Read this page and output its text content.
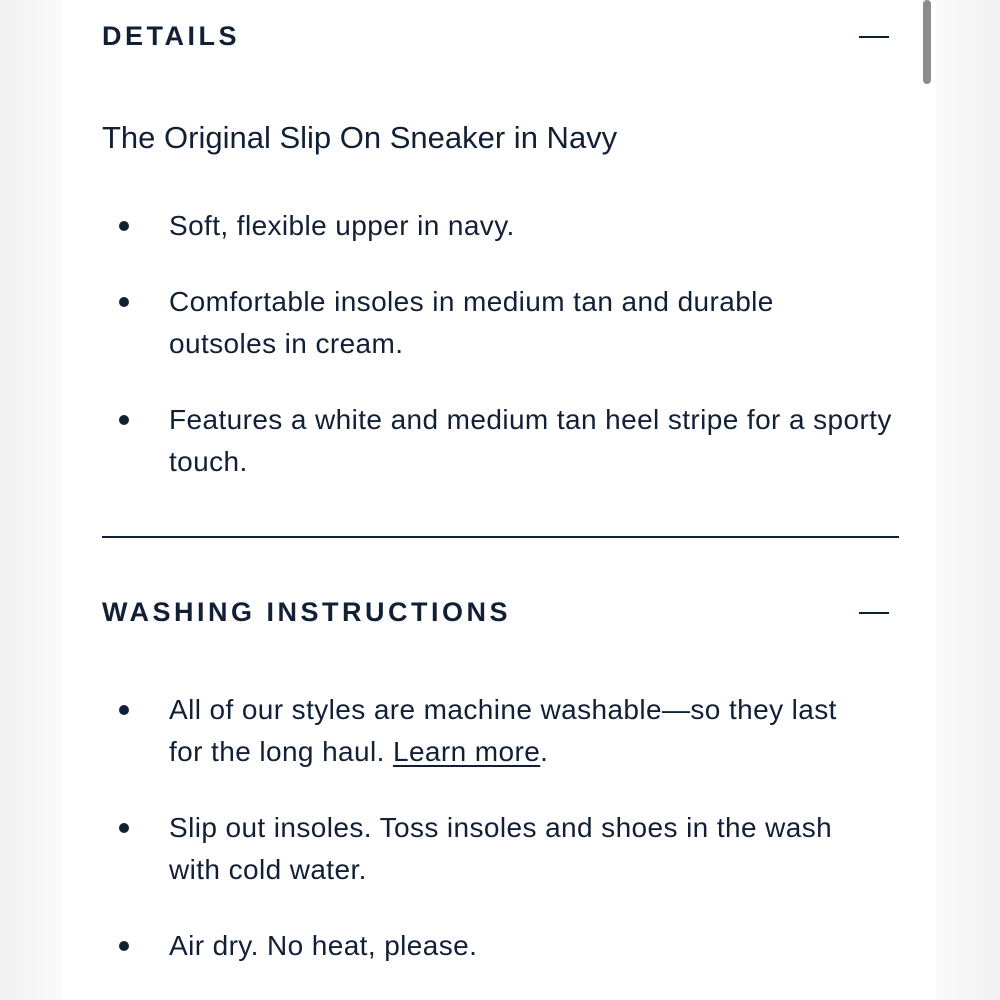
DETAILS
The Original Slip On Sneaker in Navy
Soft, flexible upper in navy.
Comfortable insoles in medium tan and durable outsoles in cream.
Features a white and medium tan heel stripe for a sporty touch.
WASHING INSTRUCTIONS
All of our styles are machine washable—so they last for the long haul. Learn more.
Slip out insoles. Toss insoles and shoes in the wash with cold water.
Air dry. No heat, please.
